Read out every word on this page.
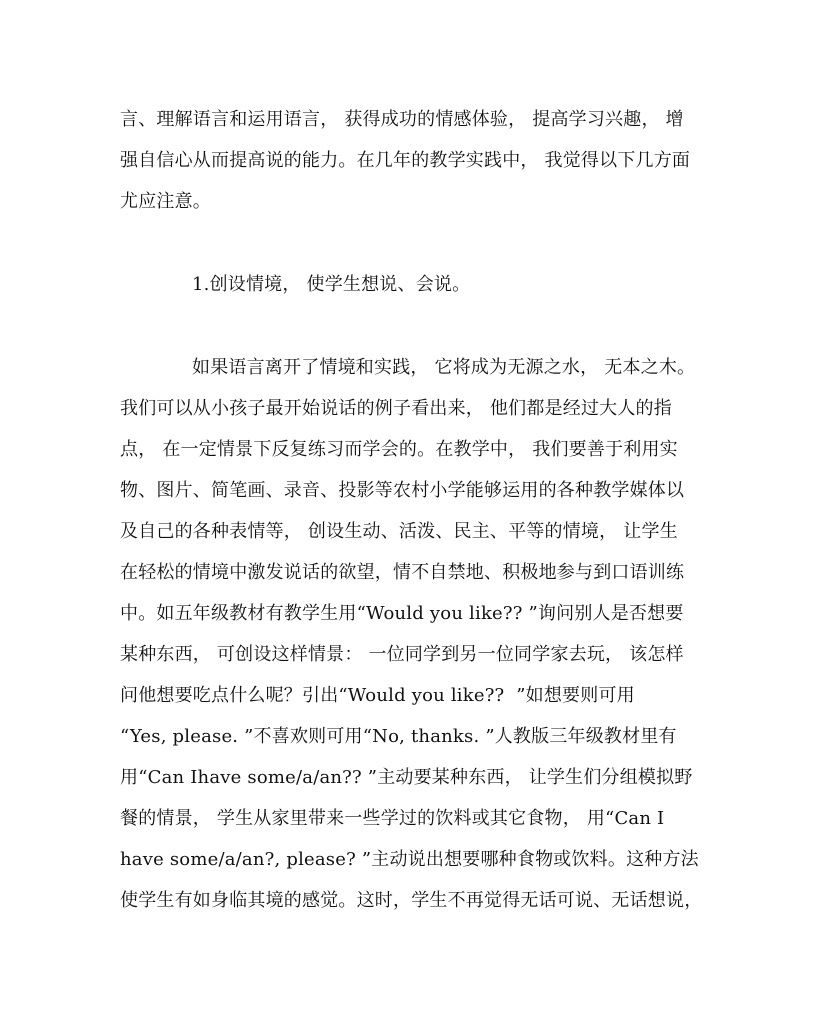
言、理解语言和运用语言， 获得成功的情感体验， 提高学习兴趣， 增
强自信心从而提高说的能力。在几年的教学实践中， 我觉得以下几方面
尤应注意。
1.创设情境， 使学生想说、会说。
如果语言离开了情境和实践， 它将成为无源之水， 无本之木。
我们可以从小孩子最开始说话的例子看出来， 他们都是经过大人的指
点， 在一定情景下反复练习而学会的。在教学中， 我们要善于利用实
物、图片、简笔画、录音、投影等农村小学能够运用的各种教学媒体以
及自己的各种表情等， 创设生动、活泼、民主、平等的情境， 让学生
在轻松的情境中激发说话的欲望，情不自禁地、积极地参与到口语训练
中。如五年级教材有教学生用“Would you like?? ”询问别人是否想要
某种东西， 可创设这样情景： 一位同学到另一位同学家去玩， 该怎样
问他想要吃点什么呢？引出“Would you like??  ”如想要则可用
“Yes, please. ”不喜欢则可用“No, thanks. ”人教版三年级教材里有
用“Can Ihave some/a/an?? ”主动要某种东西， 让学生们分组模拟野
餐的情景， 学生从家里带来一些学过的饮料或其它食物， 用“Can I
have some/a/an?, please? ”主动说出想要哪种食物或饮料。这种方法
使学生有如身临其境的感觉。这时，学生不再觉得无话可说、无话想说，
